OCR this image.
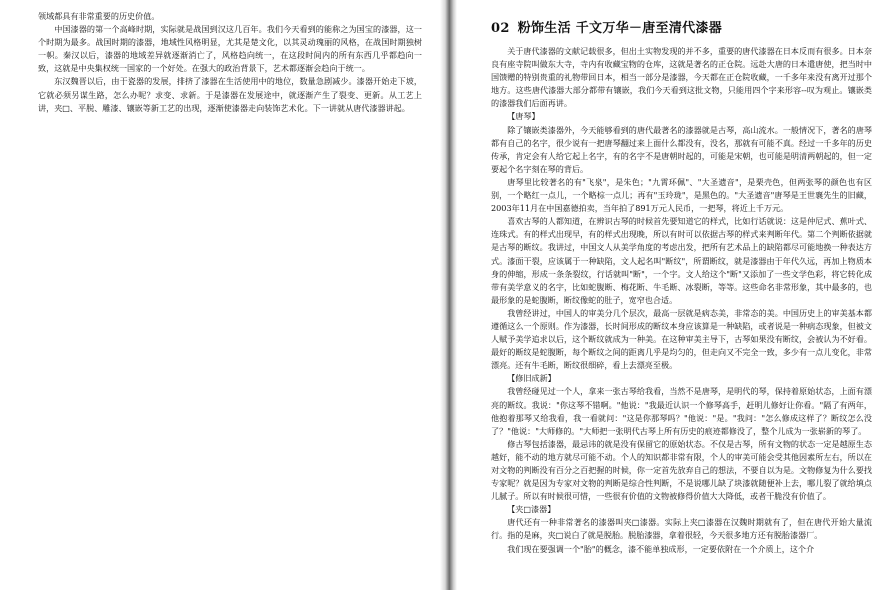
领域都具有非常重要的历史价值。

中国漆器的第一个高峰时期，实际就是战国到汉这几百年。我们今天看到的能称之为国宝的漆器，这一个时期为最多。战国时期的漆器，地域性风格明显，尤其是楚文化，以其灵动瑰丽的风格，在战国时期独树一帜。秦汉以后，漆器的地域差异就逐渐消亡了，风格趋向统一，在这段时间内的所有东西几乎都趋向一致，这就是中央集权统一国家的一个好处。在强大的政治背景下，艺术都逐渐会趋向于统一。

东汉魏晋以后，由于瓷器的发展，排挤了漆器在生活使用中的地位，数量急剧减少。漆器开始走下坡，它就必须另谋生路，怎么办呢？求变、求新。于是漆器在发展途中，就逐渐产生了裂变、更新。从工艺上讲，夹□、平脱、雕漆、镶嵌等新工艺的出现，逐渐使漆器走向装饰艺术化。下一讲就从唐代漆器讲起。

02 粉饰生活 千文万华－唐至清代漆器

关于唐代漆器的文献记载很多，但出土实物发现的并不多，重要的唐代漆器在日本反而有很多。日本奈良有座寺院叫做东大寺，寺内有收藏宝物的仓库，这就是著名的正仓院。远赴大唐的日本遣唐使，把当时中国馈赠的特别贵重的礼物带回日本，相当一部分是漆器，今天都在正仓院收藏，一千多年来没有离开过那个地方。这些唐代漆器大部分都带有镶嵌，我们今天看到这批文物，只能用四个字来形容--叹为观止。镶嵌类的漆器我们后面再讲。

【唐琴】

除了镶嵌类漆器外，今天能够看到的唐代最著名的漆器就是古琴，高山流水。一般情况下，著名的唐琴都有自己的名字，很少说有一把唐琴翻过来上面什么都没有，没名，那就有可能不真。经过一千多年的历史传承，肯定会有人给它起上名字，有的名字不是唐朝时起的，可能是宋朝，也可能是明清两朝起的，但一定要起个名字刻在琴的背后。

唐琴里比较著名的有"飞泉"，是朱色；"九霄环佩"、"大圣遗音"，是栗壳色，但两张琴的颜色也有区别，一个略红一点儿，一个略棕一点儿；再有"玉玲珑"，是黑色的。"大圣遗音"唐琴是王世襄先生的旧藏，2003年11月在中国嘉德拍卖，当年拍了891万元人民币，一把琴，将近上千万元。

喜欢古琴的人都知道，在辨识古琴的时候首先要知道它的样式，比如行话就说：这是仲尼式、蕉叶式、连珠式。有的样式出现早，有的样式出现晚，所以有时可以依据古琴的样式来判断年代。第二个判断依据就是古琴的断纹。我讲过，中国文人从美学角度的考虑出发，把所有艺术品上的缺陷都尽可能地换一种表达方式。漆面干裂，应该属于一种缺陷，文人起名叫"断纹"，所谓断纹，就是漆器由于年代久远，再加上物质本身的伸缩，形成一条条裂纹，行话就叫"断"，一个字。文人给这个"断"又添加了一些文学色彩，将它转化成带有美学意义的名字，比如蛇腹断、梅花断、牛毛断、冰裂断，等等。这些命名非常形象，其中最多的，也最形象的是蛇腹断，断纹像蛇的肚子，宽窄也合适。

我曾经讲过，中国人的审美分几个层次，最高一层就是病态美，非常态的美。中国历史上的审美基本都遵循这么一个原则。作为漆器，长时间形成的断纹本身应该算是一种缺陷，或者说是一种病态现象，但被文人赋予美学追求以后，这个断纹就成为一种美。在这种审美主导下，古琴如果没有断纹，会被认为不好看。最好的断纹是蛇腹断，每个断纹之间的距离几乎是均匀的，但走向又不完全一致，多少有一点儿变化，非常漂亮。还有牛毛断，断纹很细碎，看上去漂亮至极。

【修旧成新】

我曾经碰见过一个人，拿来一张古琴给我看，当然不是唐琴，是明代的琴，保持着原始状态，上面有漂亮的断纹。我说："你这琴不错啊。"他说："我最近认识一个修琴高手，赶明儿修好让你看。"隔了有两年，他抱着那琴又给我看，我一看就问："这是你那琴吗？"他说："是。"我问："怎么修成这样了？断纹怎么没了？"他说："大师修的。"大师把一张明代古琴上所有历史的痕迹都修没了，整个儿成为一张崭新的琴了。

修古琴包括漆器，最忌讳的就是没有保留它的原始状态。不仅是古琴，所有文物的状态一定是越原生态越好，能不动的地方就尽可能不动。个人的知识都非常有限，个人的审美可能会受其他因素所左右，所以在对文物的判断没有百分之百把握的时候，你一定首先放弃自己的想法，不要自以为是。文物修复为什么要找专家呢？就是因为专家对文物的判断是综合性判断，不是说哪儿缺了块漆就随便补上去，哪儿裂了就给填点儿腻子。所以有时候很可惜，一些很有价值的文物被修得价值大大降低，或者干脆没有价值了。

【夹□漆器】

唐代还有一种非常著名的漆器叫夹□漆器。实际上夹□漆器在汉魏时期就有了，但在唐代开始大量流行。指的是麻，夹□说白了就是脱胎。脱胎漆器，拿着很轻，今天很多地方还有脱胎漆器厂。

我们现在要强调一个"胎"的概念，漆不能单独成形，一定要依附在一个介质上，这个介
